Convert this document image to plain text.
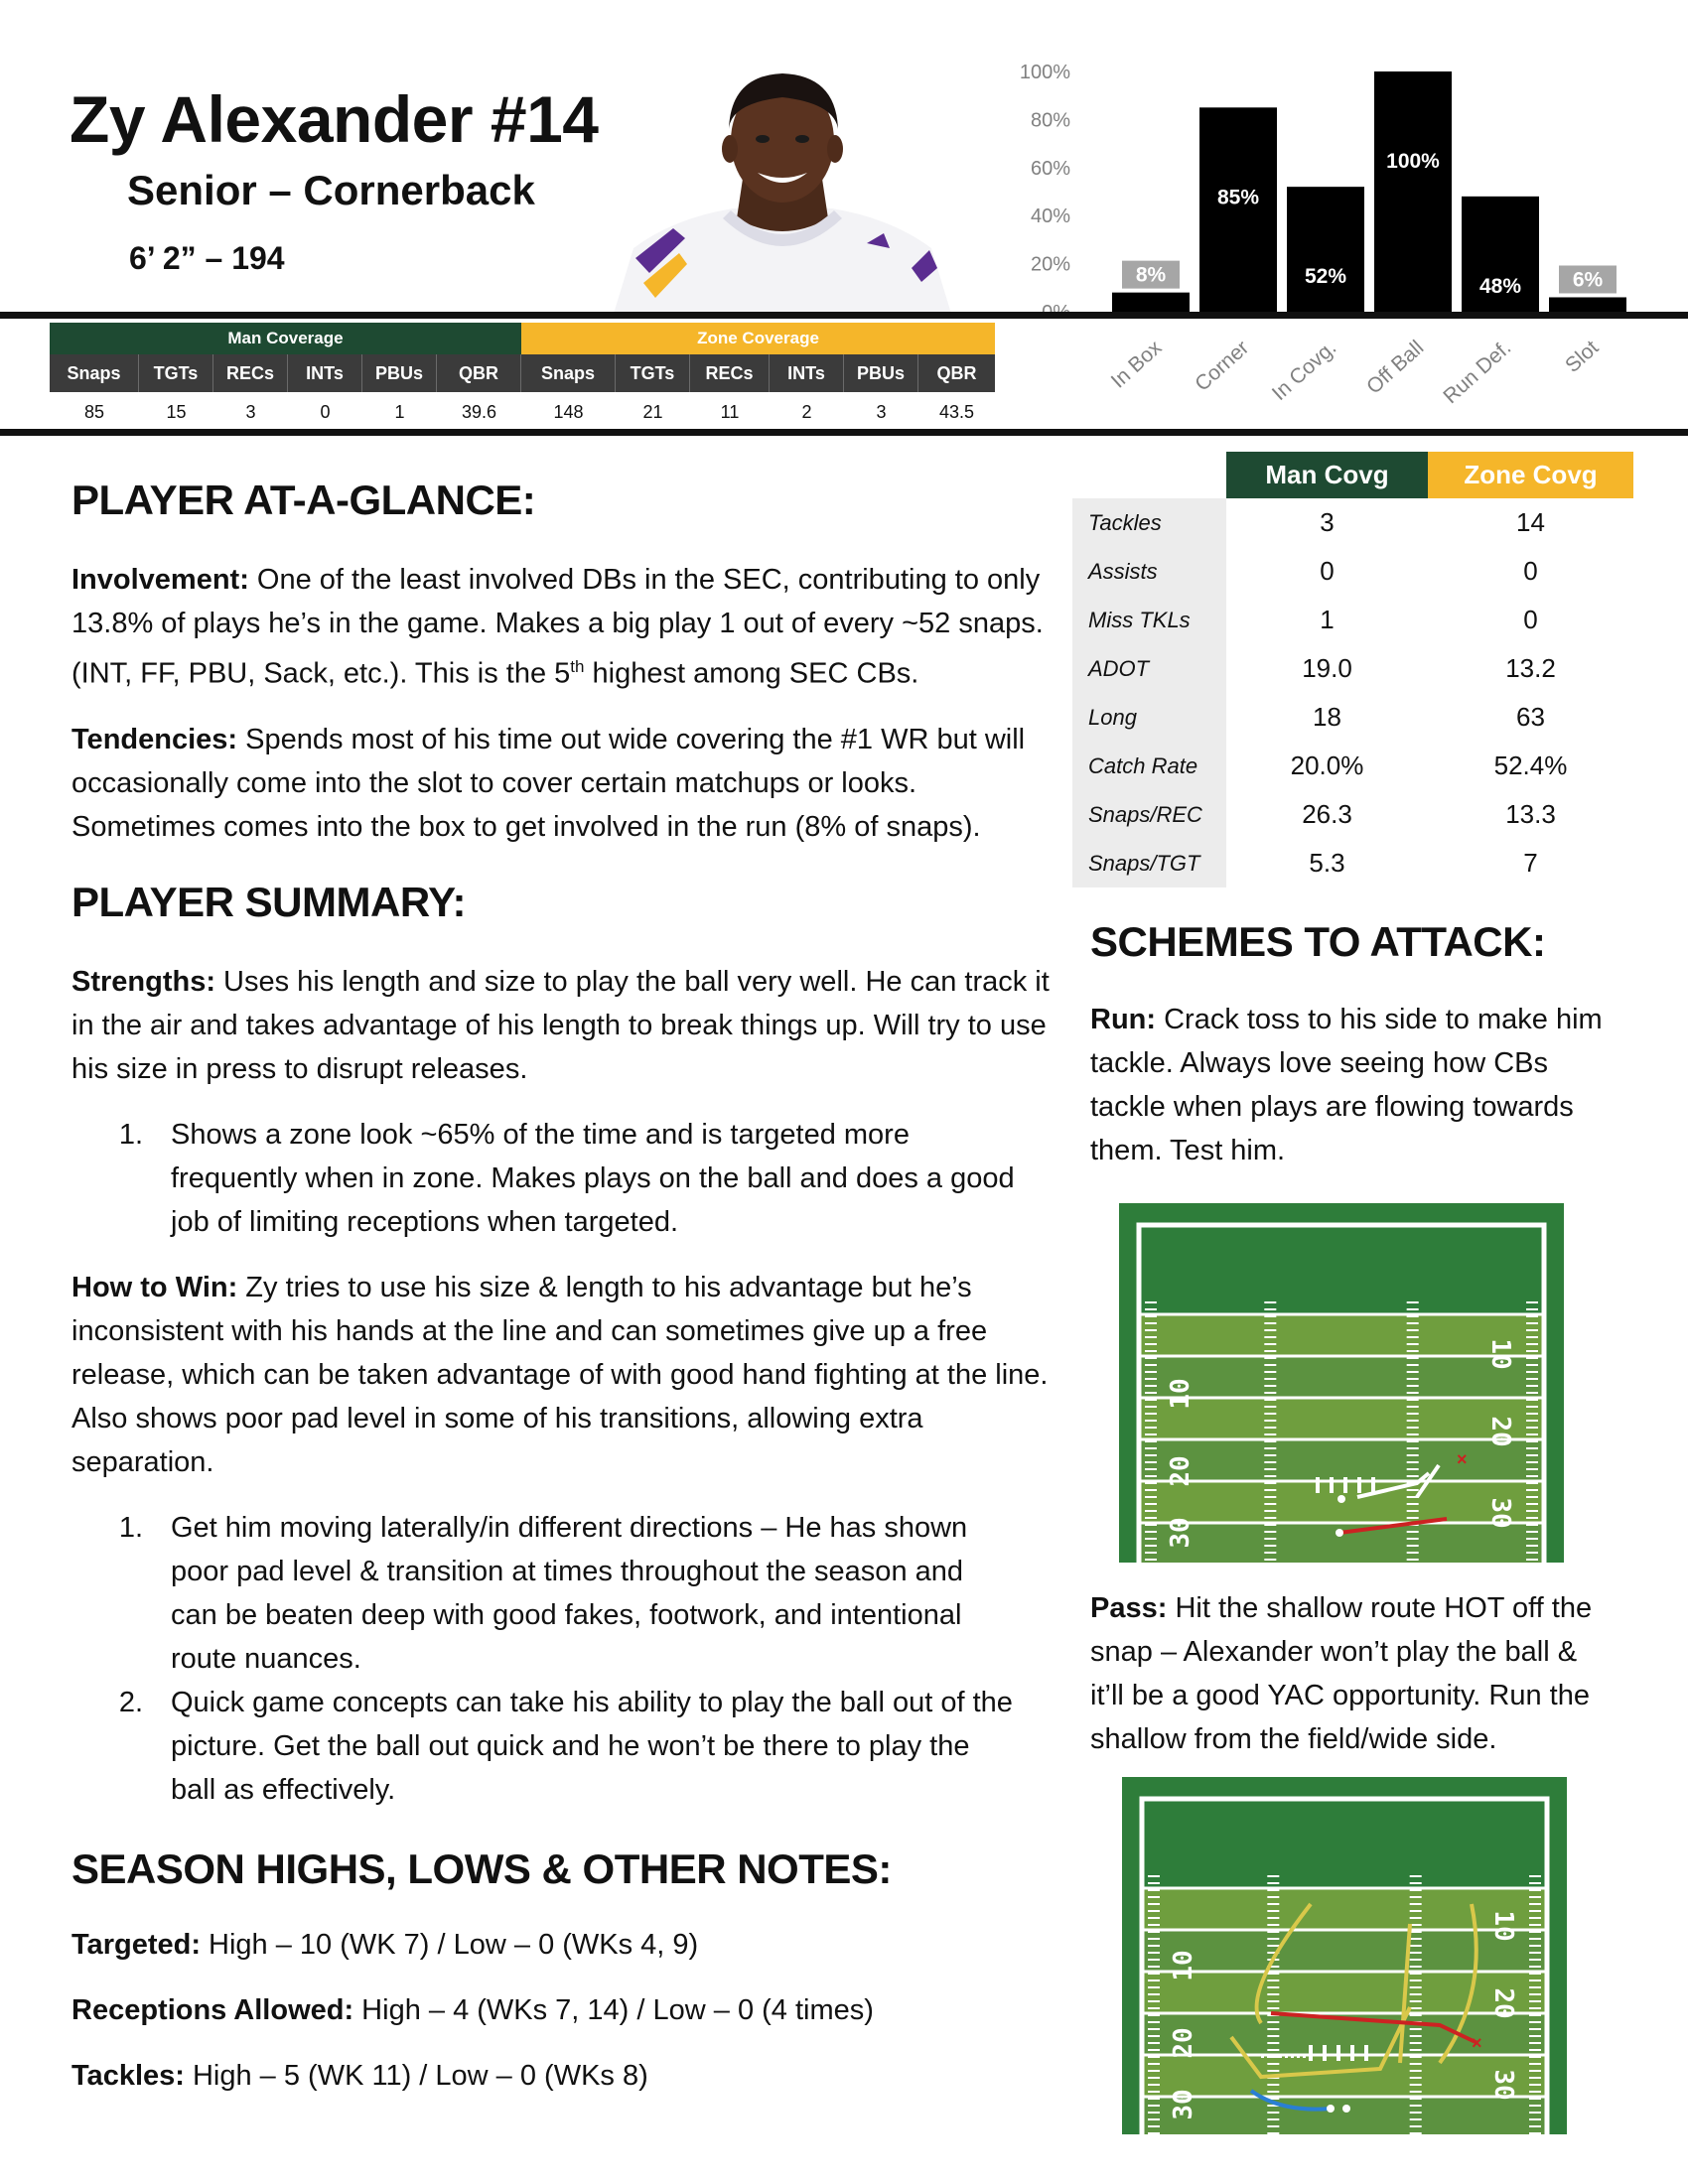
Zy Alexander #14
Senior – Cornerback
6’ 2” – 194	20%
40%
60%
80%
100%
8%
In Box
85%
Corner
52%
In Covg.
100%
Off Ball
48%
Run Def.
6%
Slot
Man Coverage	Zone Coverage
Snaps	TGTs	RECs	INTs	PBUs	QBR	Snaps	TGTs	RECs	INTs	PBUs	QBR
85	15	3	0	1	39.6	148	21	11	2	3	43.5
PLAYER AT-A-GLANCE:

Involvement: One of the least involved DBs in the SEC, contributing to only 13.8% of plays he’s in the game. Makes a big play 1 out of every ~52 snaps. (INT, FF, PBU, Sack, etc.). This is the 5th highest among SEC CBs.

Tendencies: Spends most of his time out wide covering the #1 WR but will occasionally come into the slot to cover certain matchups or looks. Sometimes comes into the box to get involved in the run (8% of snaps).

PLAYER SUMMARY:

Strengths: Uses his length and size to play the ball very well. He can track it in the air and takes advantage of his length to break things up. Will try to use his size in press to disrupt releases.

1. Shows a zone look ~65% of the time and is targeted more frequently when in zone. Makes plays on the ball and does a good job of limiting receptions when targeted.

How to Win: Zy tries to use his size & length to his advantage but he’s inconsistent with his hands at the line and can sometimes give up a free release, which can be taken advantage of with good hand fighting at the line. Also shows poor pad level in some of his transitions, allowing extra separation.

1. Get him moving laterally/in different directions – He has shown poor pad level & transition at times throughout the season and can be beaten deep with good fakes, footwork, and intentional route nuances.
2. Quick game concepts can take his ability to play the ball out of the picture. Get the ball out quick and he won’t be there to play the ball as effectively.
SEASON HIGHS, LOWS & OTHER NOTES:

Targeted: High – 10 (WK 7) / Low – 0 (WKs 4, 9)

Receptions Allowed: High – 4 (WKs 7, 14) / Low – 0 (4 times)

Tackles: High – 5 (WK 11) / Low – 0 (WKs 8)

Man Covg	Zone Covg
Tackles	3	14
Assists	0	0
Miss TKLs	1	0
ADOT	19.0	13.2
Long	18	63
Catch Rate	20.0%	52.4%
Snaps/REC	26.3	13.3
Snaps/TGT	5.3	7
SCHEMES TO ATTACK:

Run: Crack toss to his side to make him tackle. Always love seeing how CBs tackle when plays are flowing towards them. Test him.

Pass: Hit the shallow route HOT off the snap – Alexander won’t play the ball & it’ll be a good YAC opportunity. Run the shallow from the field/wide side.

30
20
10
10
20
30
×
30
20
10
10
20
30
×
